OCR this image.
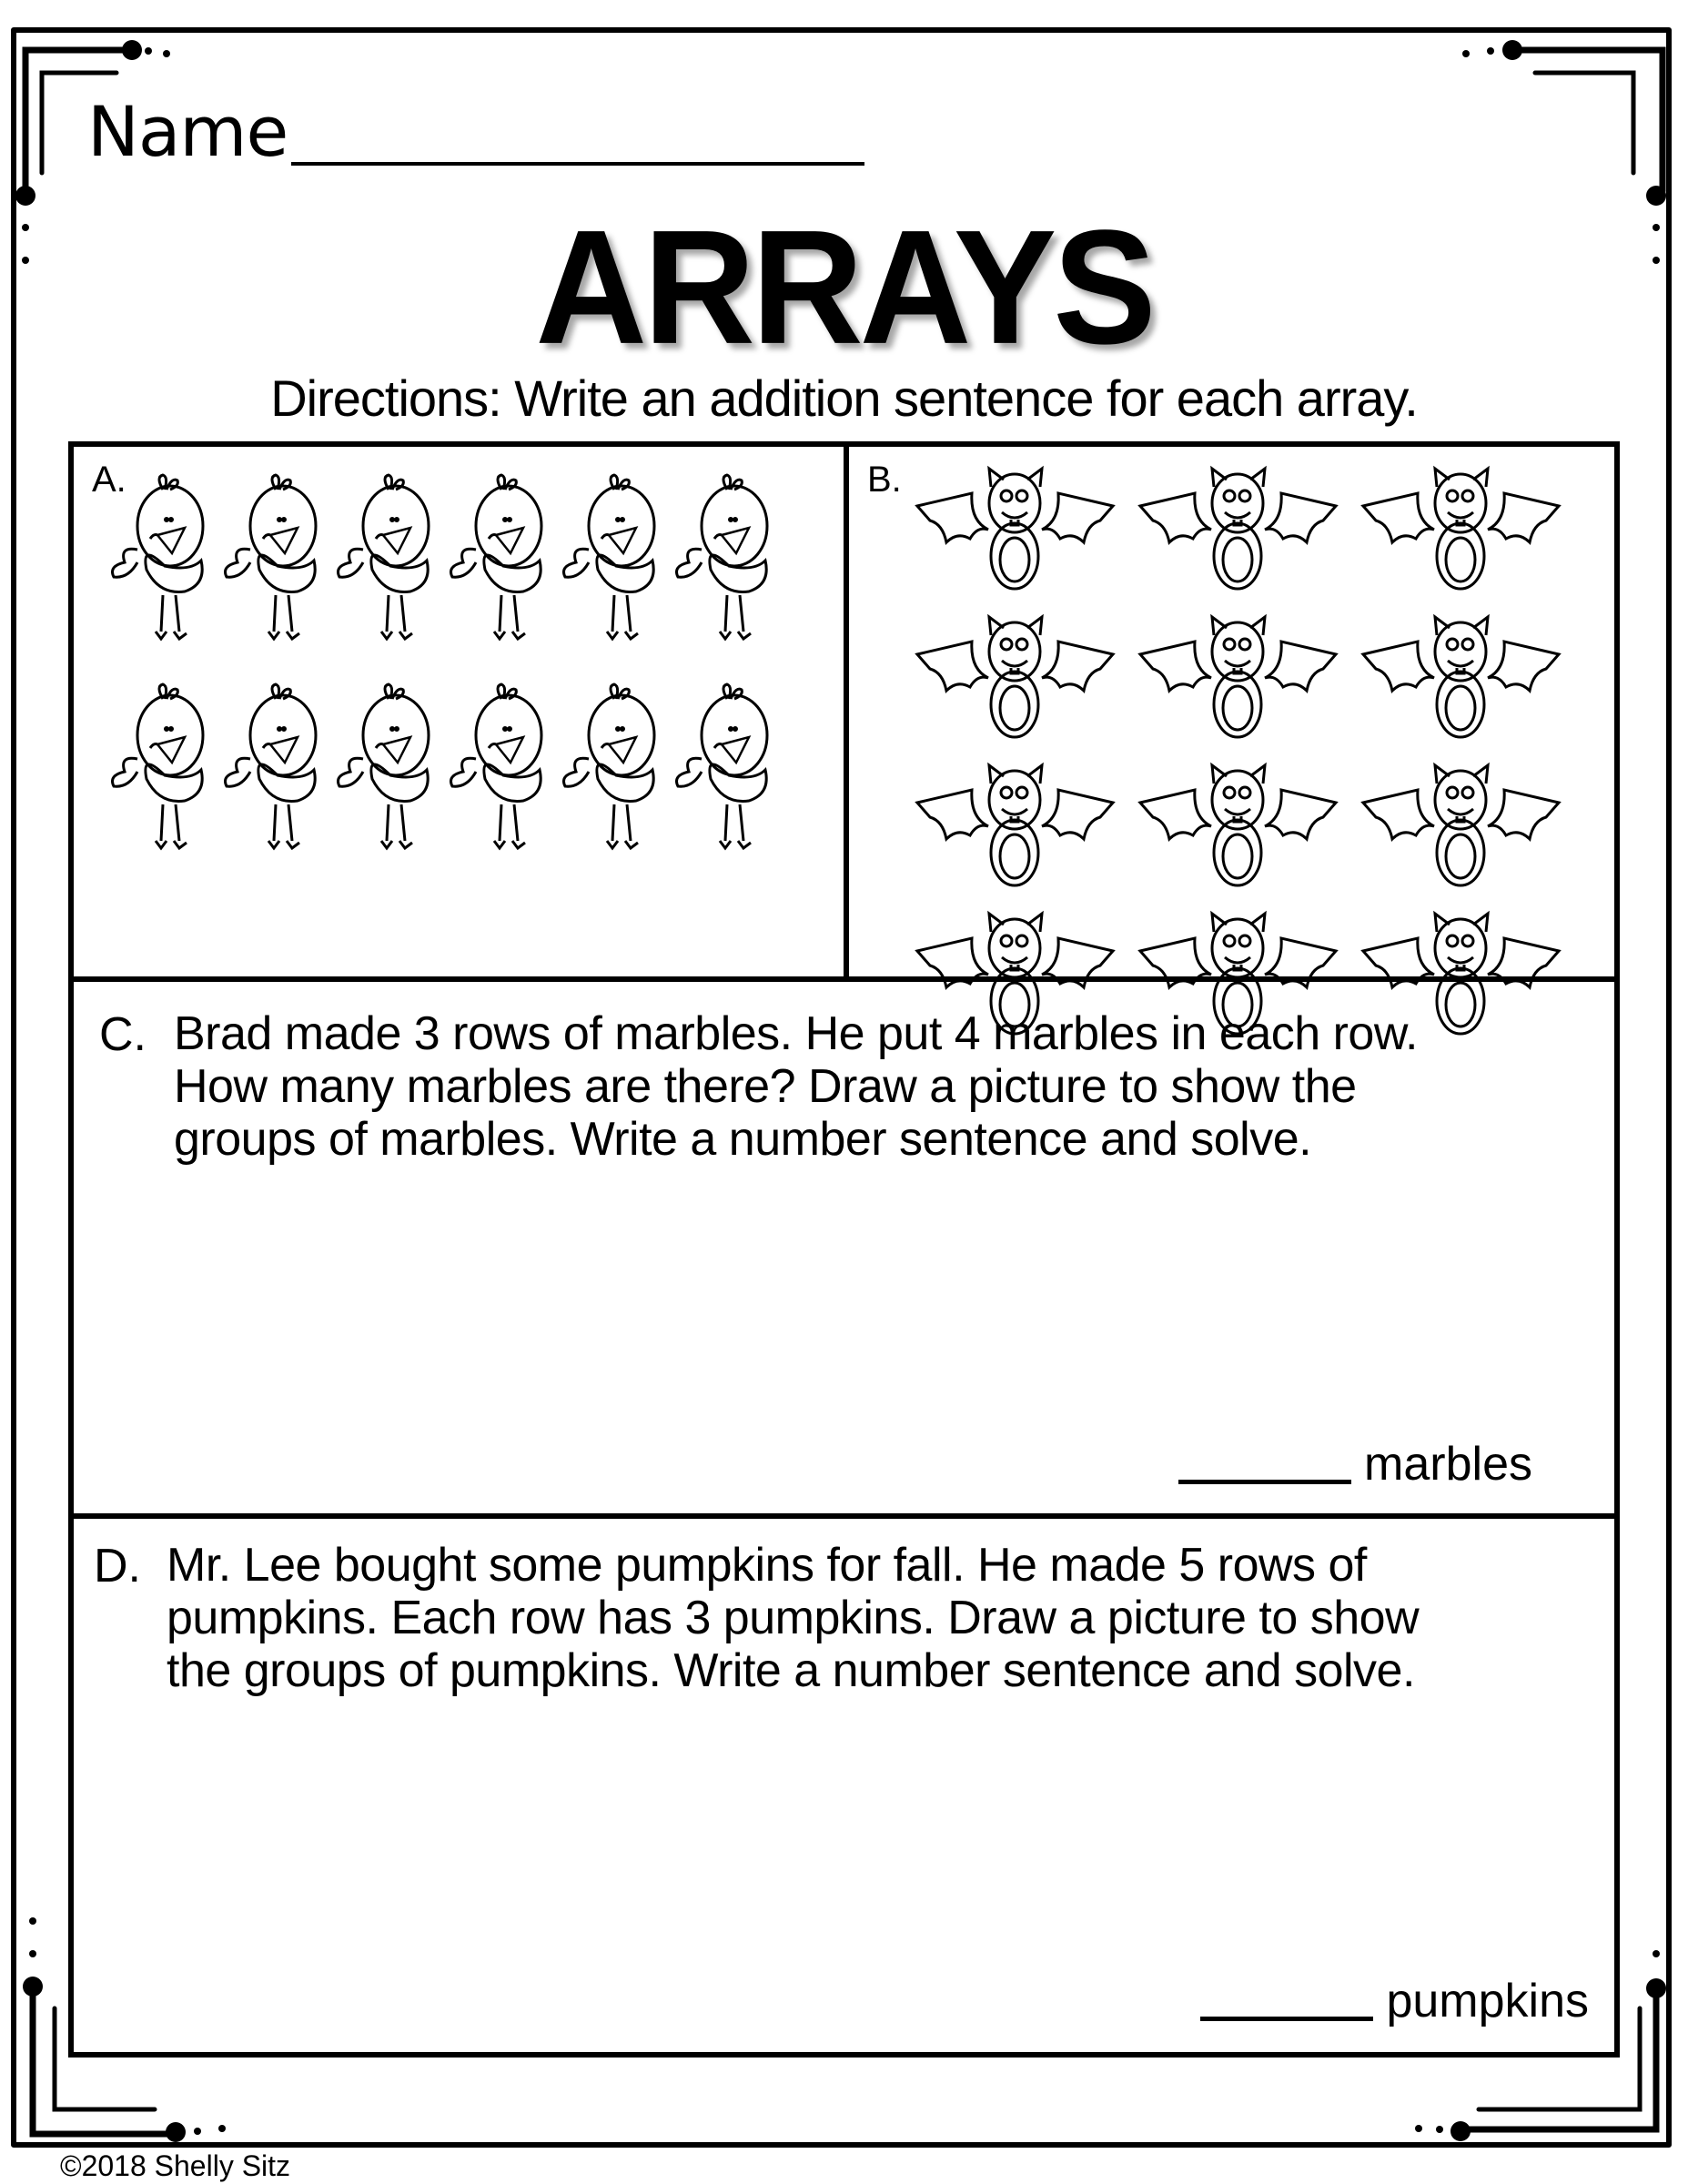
Name
ARRAYS
Directions: Write an addition sentence for each array.
A.	B.
C. Brad made 3 rows of marbles. He put 4 marbles in each row.
How many marbles are there? Draw a picture to show the
groups of marbles. Write a number sentence and solve.
marbles
D. Mr. Lee bought some pumpkins for fall. He made 5 rows of
pumpkins. Each row has 3 pumpkins. Draw a picture to show
the groups of pumpkins. Write a number sentence and solve.
pumpkins
©2018 Shelly Sitz
